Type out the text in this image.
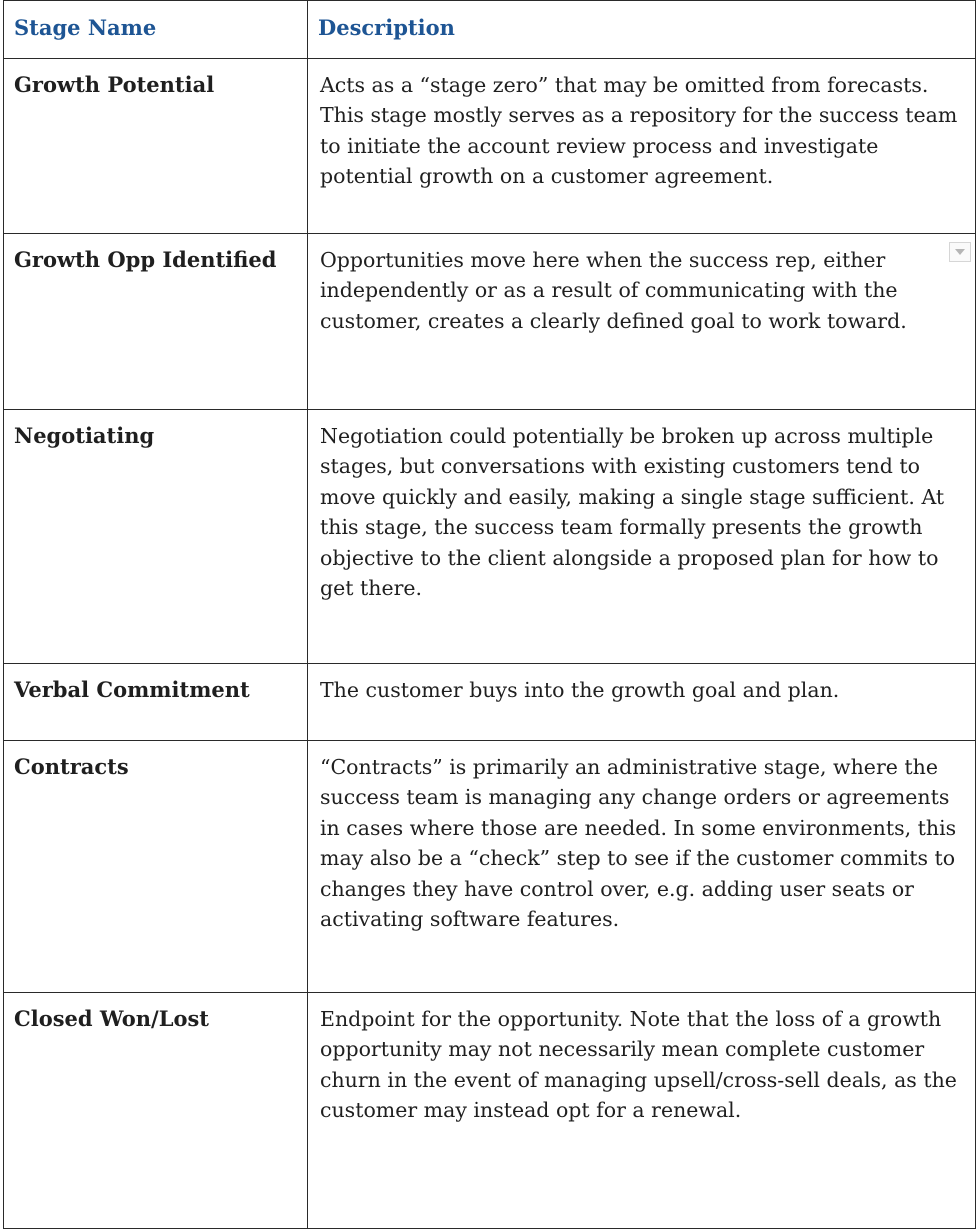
Stage Name	Description
Growth Potential	Acts as a “stage zero” that may be omitted from forecasts. This stage mostly serves as a repository for the success team to initiate the account review process and investigate potential growth on a customer agreement.
Growth Opp Identified	Opportunities move here when the success rep, either independently or as a result of communicating with the customer, creates a clearly defined goal to work toward.

Negotiating	Negotiation could potentially be broken up across multiple stages, but conversations with existing customers tend to move quickly and easily, making a single stage sufficient. At this stage, the success team formally presents the growth objective to the client alongside a proposed plan for how to get there.
Verbal Commitment	The customer buys into the growth goal and plan.
Contracts	“Contracts” is primarily an administrative stage, where the success team is managing any change orders or agreements in cases where those are needed. In some environments, this may also be a “check” step to see if the customer commits to changes they have control over, e.g. adding user seats or activating software features.
Closed Won/Lost	Endpoint for the opportunity. Note that the loss of a growth opportunity may not necessarily mean complete customer churn in the event of managing upsell/cross-sell deals, as the customer may instead opt for a renewal.
